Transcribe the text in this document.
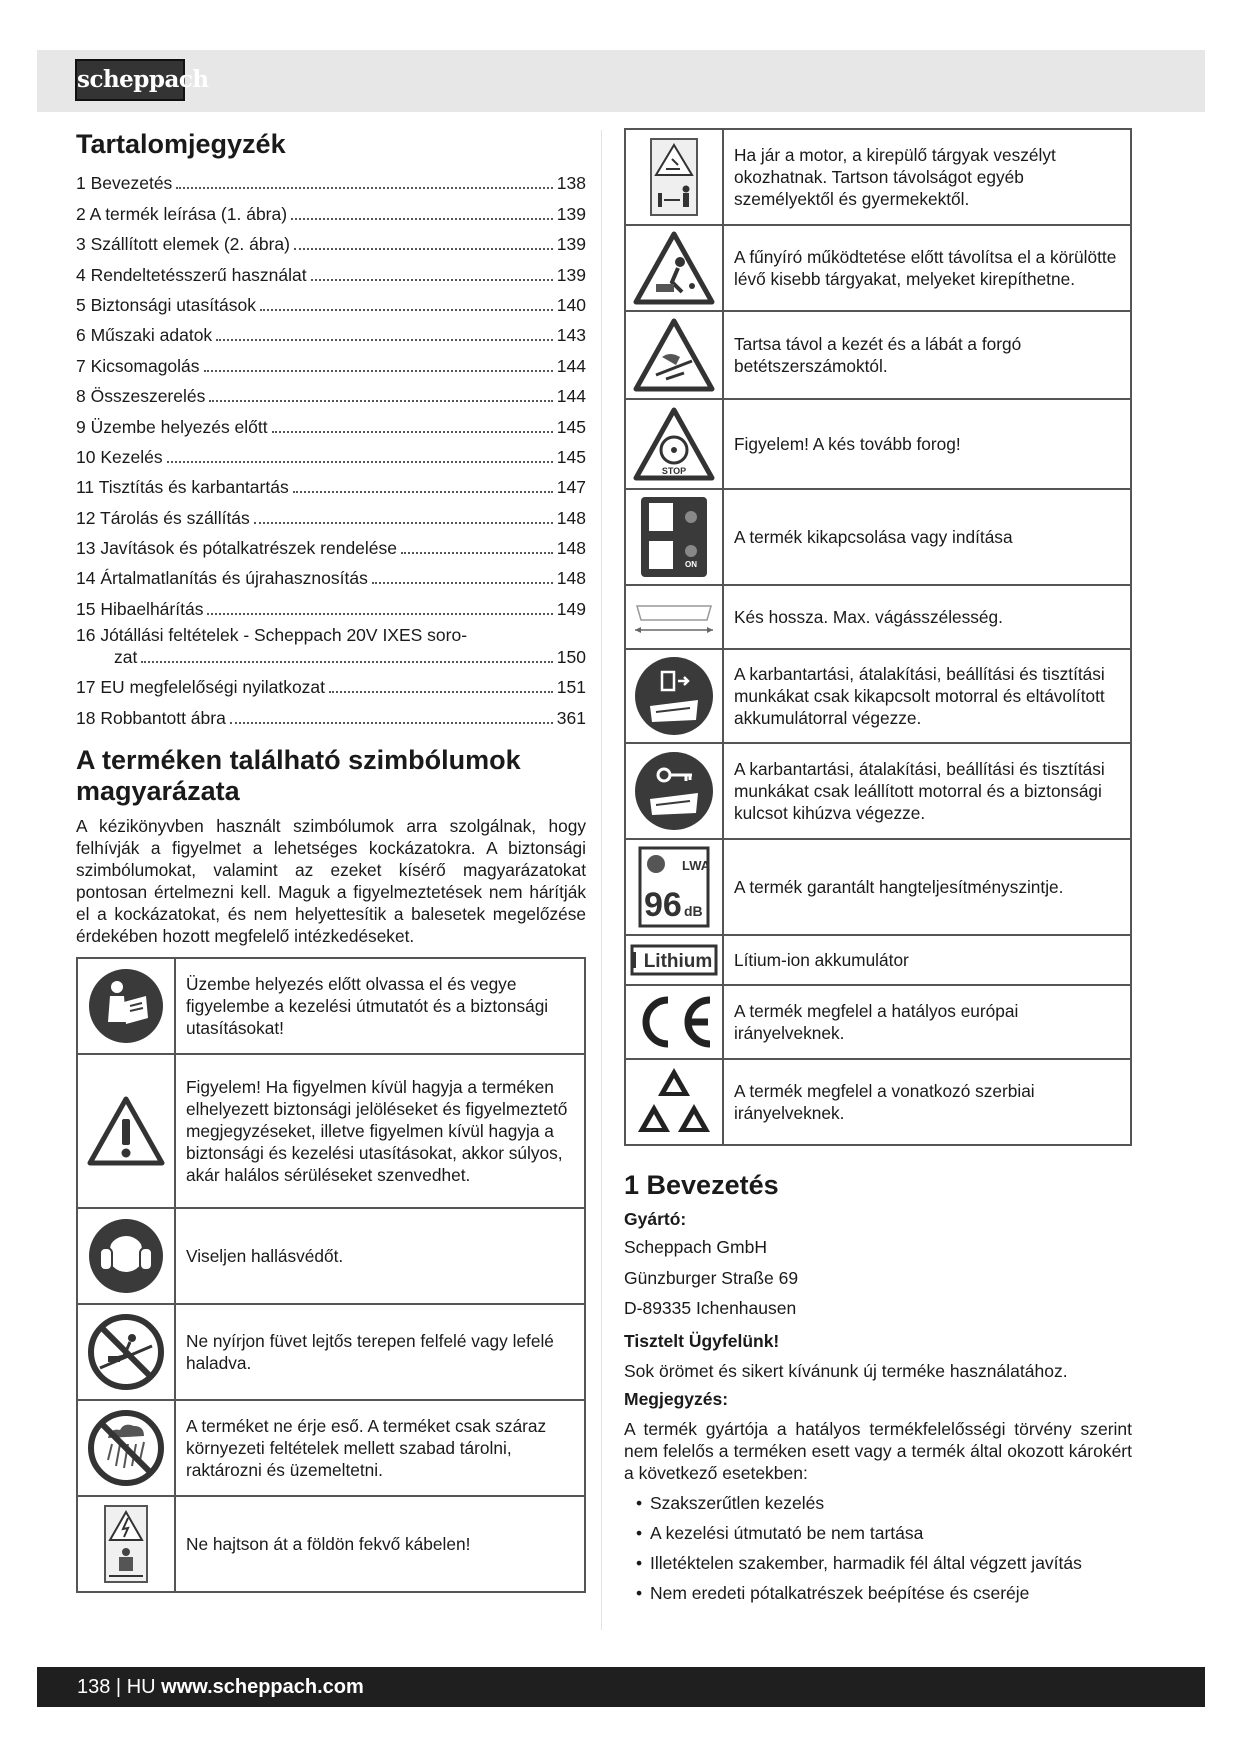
scheppach
Tartalomjegyzék
1 Bevezetés	138
2 A termék leírása (1. ábra)	139
3 Szállított elemek (2. ábra)	139
4 Rendeltetésszerű használat	139
5 Biztonsági utasítások	140
6 Műszaki adatok	143
7 Kicsomagolás	144
8 Összeszerelés	144
9 Üzembe helyezés előtt	145
10 Kezelés	145
11 Tisztítás és karbantartás	147
12 Tárolás és szállítás	148
13 Javítások és pótalkatrészek rendelése	148
14 Ártalmatlanítás és újrahasznosítás	148
15 Hibaelhárítás	149
16 Jótállási feltételek - Scheppach 20V IXES soro-
zat	150
17 EU megfelelőségi nyilatkozat	151
18 Robbantott ábra	361
A terméken található szimbólumok magyarázata

A kézikönyvben használt szimbólumok arra szolgálnak, hogy felhívják a figyelmet a lehetséges kockázatokra. A biztonsági szimbólumokat, valamint az ezeket kísérő magyarázatokat pontosan értelmezni kell. Maguk a figyelmeztetések nem hárítják el a kockázatokat, és nem helyettesítik a balesetek megelőzése érdekében hozott megfelelő intézkedéseket.

	Üzembe helyezés előtt olvassa el és vegye figyelembe a kezelési útmutatót és a biztonsági utasításokat!

	Figyelem! Ha figyelmen kívül hagyja a terméken elhelyezett biztonsági jelöléseket és figyelmeztető megjegyzéseket, illetve figyelmen kívül hagyja a biztonsági és kezelési utasításokat, akkor súlyos, akár halálos sérüléseket szenvedhet.

	Viseljen hallásvédőt.

	Ne nyírjon füvet lejtős terepen felfelé vagy lefelé haladva.

	A terméket ne érje eső. A terméket csak száraz környezeti feltételek mellett szabad tárolni, raktározni és üzemeltetni.

	Ne hajtson át a földön fekvő kábelen!
	Ha jár a motor, a kirepülő tárgyak veszélyt okozhatnak. Tartson távolságot egyéb személyektől és gyermekektől.

	A fűnyíró működtetése előtt távolítsa el a körülötte lévő kisebb tárgyakat, melyeket kirepíthetne.

	Tartsa távol a kezét és a lábát a forgó betétszerszámoktól.

STOP	Figyelem! A kés tovább forog!

ON	A termék kikapcsolása vagy indítása

	Kés hossza. Max. vágásszélesség.

	A karbantartási, átalakítási, beállítási és tisztítási munkákat csak kikapcsolt motorral és eltávolított akkumulátorral végezze.

	A karbantartási, átalakítási, beállítási és tisztítási munkákat csak leállított motorral és a biztonsági kulcsot kihúzva végezze.

LWA
96 dB	A termék garantált hangteljesítményszintje.

Lithium	Lítium-ion akkumulátor

	A termék megfelel a hatályos európai irányelveknek.

	A termék megfelel a vonatkozó szerbiai irányelveknek.
1 Bevezetés
Gyártó:
Scheppach GmbH
Günzburger Straße 69
D-89335 Ichenhausen
Tisztelt Ügyfelünk!
Sok örömet és sikert kívánunk új terméke használatához.
Megjegyzés:
A termék gyártója a hatályos termékfelelősségi törvény szerint nem felelős a terméken esett vagy a termék által okozott károkért a következő esetekben:
• Szakszerűtlen kezelés
• A kezelési útmutató be nem tartása
• Illetéktelen szakember, harmadik fél által végzett javítás
• Nem eredeti pótalkatrészek beépítése és cseréje
138 | HU www.scheppach.com
